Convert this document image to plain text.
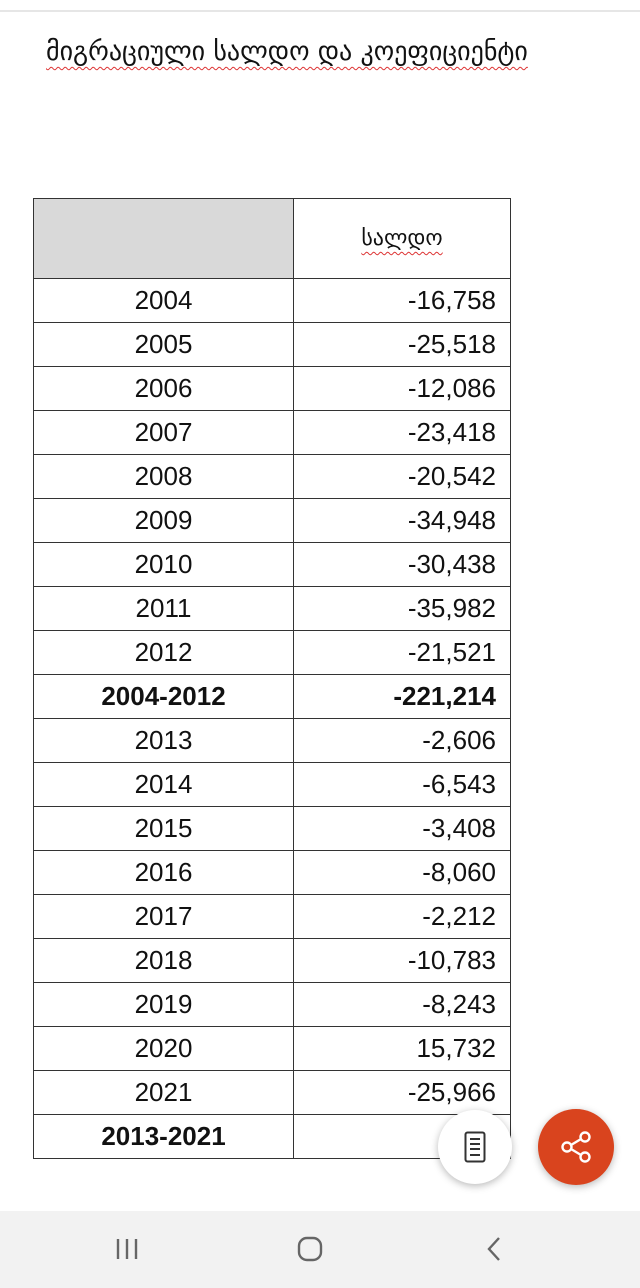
მიგრაციული სალდო და კოეფიციენტი
	სალდო
2004	-16,758
2005	-25,518
2006	-12,086
2007	-23,418
2008	-20,542
2009	-34,948
2010	-30,438
2011	-35,982
2012	-21,521
2004-2012	-221,214
2013	-2,606
2014	-6,543
2015	-3,408
2016	-8,060
2017	-2,212
2018	-10,783
2019	-8,243
2020	15,732
2021	-25,966
2013-2021	
